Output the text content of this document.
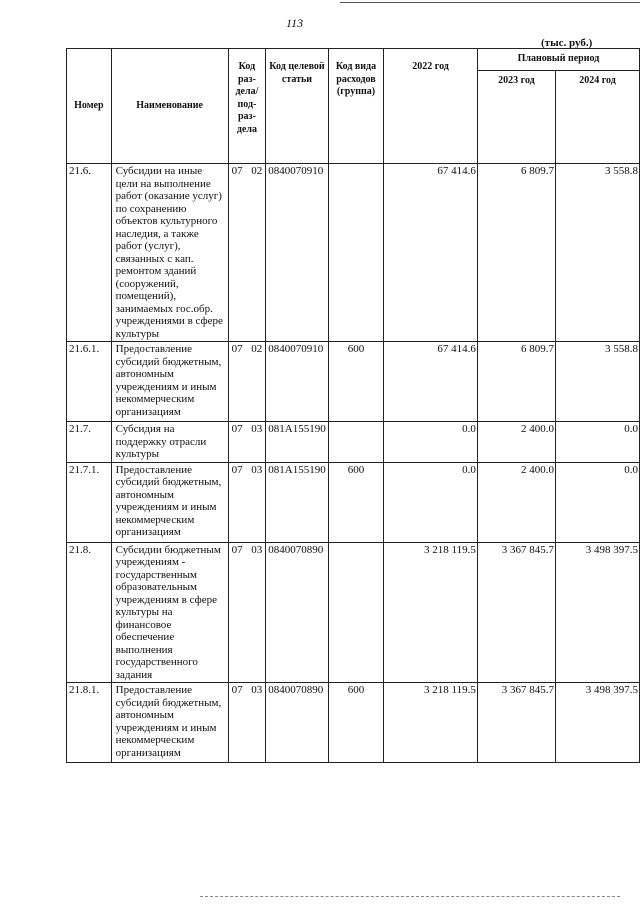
113
(тыс. руб.)
Номер	Наименование	Код раз-дела/ под-раз-дела	Код целевой статьи	Код вида расходов (группа)	2022 год	Плановый период	
						2023 год	2024 год
21.6.	Субсидии на иные цели на выполнение работ (оказание услуг) по сохранению объектов культурного наследия, а также работ (услуг), связанных с кап. ремонтом зданий (сооружений, помещений), занимаемых гос.обр. учреждениями в сфере культуры	07 02	0840070910		67 414.6	6 809.7	3 558.8
21.6.1.	Предоставление субсидий бюджетным, автономным учреждениям и иным некоммерческим организациям	07 02	0840070910	600	67 414.6	6 809.7	3 558.8
21.7.	Субсидия на поддержку отрасли культуры	07 03	081A155190		0.0	2 400.0	0.0
21.7.1.	Предоставление субсидий бюджетным, автономным учреждениям и иным некоммерческим организациям	07 03	081A155190	600	0.0	2 400.0	0.0
21.8.	Субсидии бюджетным учреждениям - государственным образовательным учреждениям в сфере культуры на финансовое обеспечение выполнения государственного задания	07 03	0840070890		3 218 119.5	3 367 845.7	3 498 397.5
21.8.1.	Предоставление субсидий бюджетным, автономным учреждениям и иным некоммерческим организациям	07 03	0840070890	600	3 218 119.5	3 367 845.7	3 498 397.5
